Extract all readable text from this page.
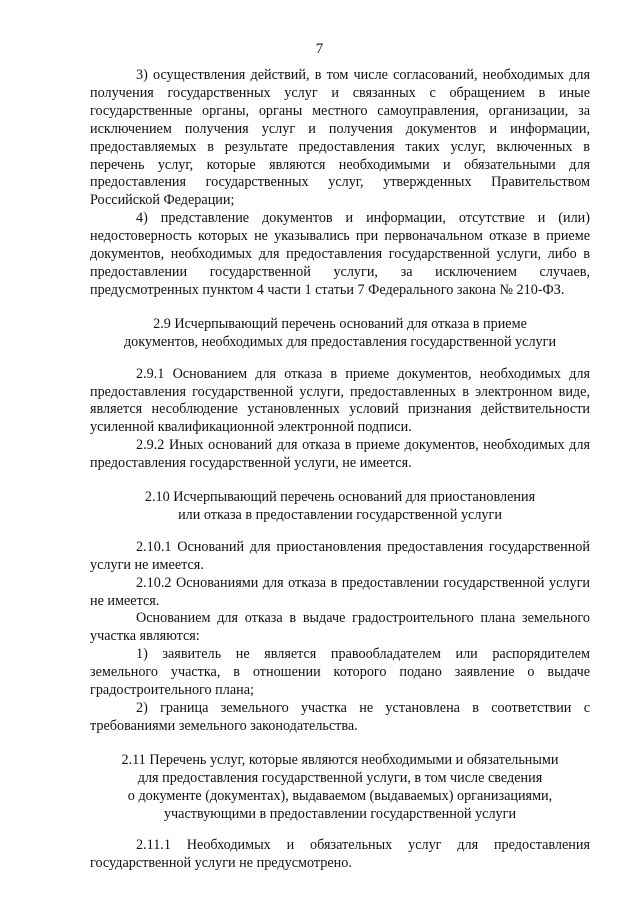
7

3) осуществления действий, в том числе согласований, необходимых для получения государственных услуг и связанных с обращением в иные государственные органы, органы местного самоуправления, организации, за исключением получения услуг и получения документов и информации, предоставляемых в результате предоставления таких услуг, включенных в перечень услуг, которые являются необходимыми и обязательными для предоставления государственных услуг, утвержденных Правительством Российской Федерации;

4) представление документов и информации, отсутствие и (или) недостоверность которых не указывались при первоначальном отказе в приеме документов, необходимых для предоставления государственной услуги, либо в предоставлении государственной услуги, за исключением случаев, предусмотренных пунктом 4 части 1 статьи 7 Федерального закона № 210-ФЗ.

2.9 Исчерпывающий перечень оснований для отказа в приеме
документов, необходимых для предоставления государственной услуги

2.9.1 Основанием для отказа в приеме документов, необходимых для предоставления государственной услуги, предоставленных в электронном виде, является несоблюдение установленных условий признания действительности усиленной квалификационной электронной подписи.

2.9.2 Иных оснований для отказа в приеме документов, необходимых для предоставления государственной услуги, не имеется.

2.10 Исчерпывающий перечень оснований для приостановления
или отказа в предоставлении государственной услуги

2.10.1 Оснований для приостановления предоставления государственной услуги не имеется.

2.10.2 Основаниями для отказа в предоставлении государственной услуги не имеется.

Основанием для отказа в выдаче градостроительного плана земельного участка являются:

1) заявитель не является правообладателем или распорядителем земельного участка, в отношении которого подано заявление о выдаче градостроительного плана;

2) граница земельного участка не установлена в соответствии с требованиями земельного законодательства.

2.11 Перечень услуг, которые являются необходимыми и обязательными
для предоставления государственной услуги, в том числе сведения
о документе (документах), выдаваемом (выдаваемых) организациями,
участвующими в предоставлении государственной услуги

2.11.1 Необходимых и обязательных услуг для предоставления государственной услуги не предусмотрено.
